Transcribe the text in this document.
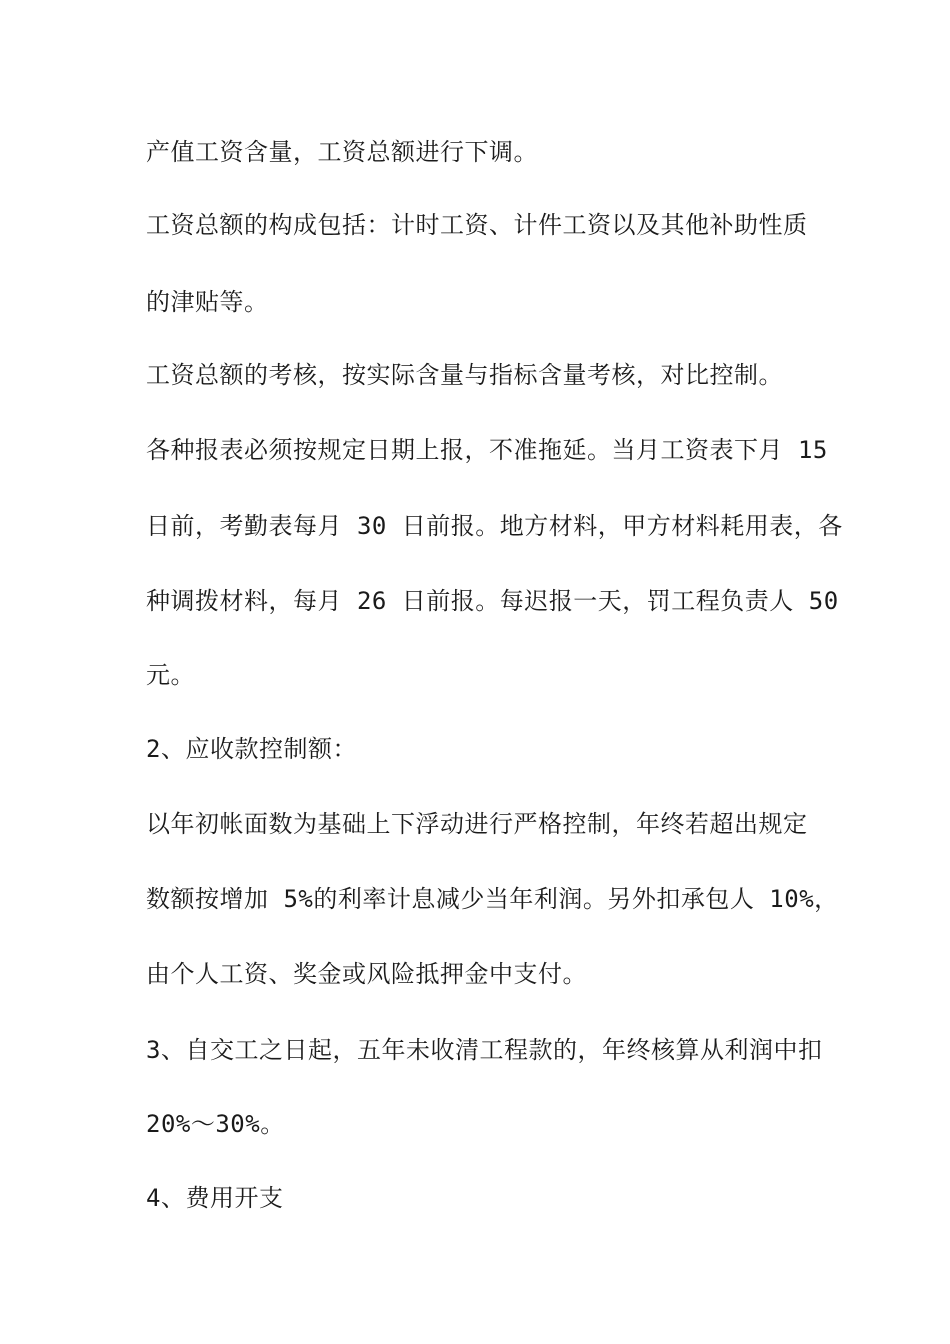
产值工资含量，工资总额进行下调。
工资总额的构成包括：计时工资、计件工资以及其他补助性质
的津贴等。
工资总额的考核，按实际含量与指标含量考核，对比控制。
各种报表必须按规定日期上报，不准拖延。当月工资表下月 15
日前，考勤表每月 30 日前报。地方材料，甲方材料耗用表，各
种调拨材料，每月 26 日前报。每迟报一天，罚工程负责人 50
元。
2、应收款控制额：
以年初帐面数为基础上下浮动进行严格控制，年终若超出规定
数额按增加 5%的利率计息减少当年利润。另外扣承包人 10%，
由个人工资、奖金或风险抵押金中支付。
3、自交工之日起，五年未收清工程款的，年终核算从利润中扣
20%～30%。
4、费用开支
